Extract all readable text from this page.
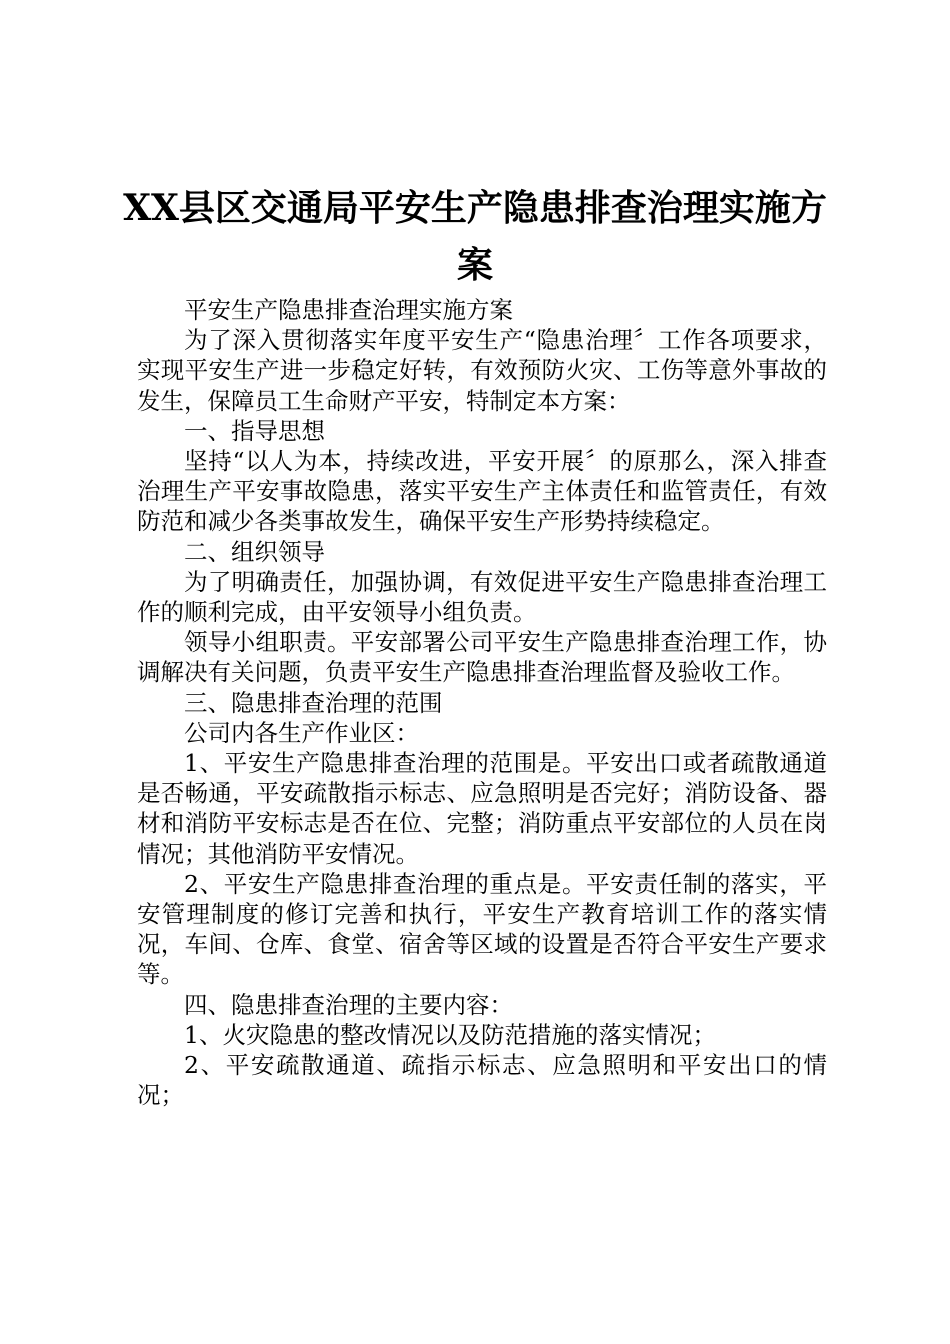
XX县区交通局平安生产隐患排查治理实施方
案

平安生产隐患排查治理实施方案

为了深入贯彻落实年度平安生产“隐患治理〞工作各项要求，实现平安生产进一步稳定好转，有效预防火灾、工伤等意外事故的发生，保障员工生命财产平安，特制定本方案：

一、指导思想

坚持“以人为本，持续改进，平安开展〞的原那么，深入排查治理生产平安事故隐患，落实平安生产主体责任和监管责任，有效防范和减少各类事故发生，确保平安生产形势持续稳定。

二、组织领导

为了明确责任，加强协调，有效促进平安生产隐患排查治理工作的顺利完成，由平安领导小组负责。

领导小组职责。平安部署公司平安生产隐患排查治理工作，协调解决有关问题，负责平安生产隐患排查治理监督及验收工作。

三、隐患排查治理的范围

公司内各生产作业区：

1、平安生产隐患排查治理的范围是。平安出口或者疏散通道是否畅通，平安疏散指示标志、应急照明是否完好；消防设备、器材和消防平安标志是否在位、完整；消防重点平安部位的人员在岗情况；其他消防平安情况。

2、平安生产隐患排查治理的重点是。平安责任制的落实，平安管理制度的修订完善和执行，平安生产教育培训工作的落实情况，车间、仓库、食堂、宿舍等区域的设置是否符合平安生产要求等。

四、隐患排查治理的主要内容：

1、火灾隐患的整改情况以及防范措施的落实情况；

2、平安疏散通道、疏指示标志、应急照明和平安出口的情况；
